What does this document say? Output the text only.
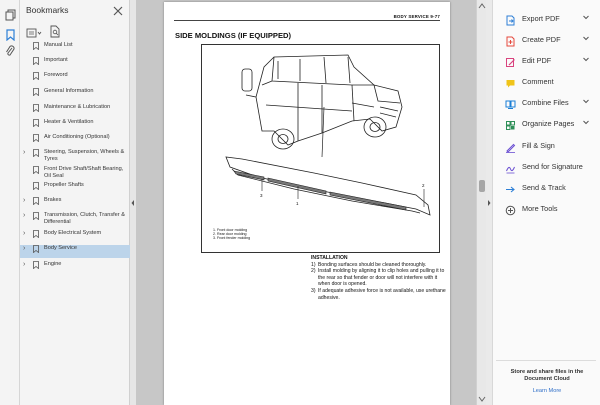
Bookmarks
Manual List
Important
Foreword
General Information
Maintenance & Lubrication
Heater & Ventilation
Air Conditioning (Optional)
›	Steering, Suspension, Wheels & Tyres
Front Drive Shaft/Shaft Bearing, Oil Seal
Propeller Shafts
›	Brakes
›	Transmission, Clutch, Transfer & Differential
›	Body Electrical System
›	Body Service
›	Engine
BODY SERVICE 9-77
SIDE MOLDINGS (IF EQUIPPED)
3
1
2
1. Front door molding
2. Rear door molding
3. Front fender molding
INSTALLATION
1) Bonding surfaces should be cleaned thoroughly.
2) Install molding by aligning it to clip holes and pulling it to the rear so that fender or door will not interfere with it when door is opened.
3) If adequate adhesive force is not available, use urethane adhesive.
Export PDF
Create PDF
Edit PDF
Comment
Combine Files
Organize Pages
Fill & Sign
Send for Signature
Send & Track
More Tools
Store and share files in the Document Cloud
Learn More
